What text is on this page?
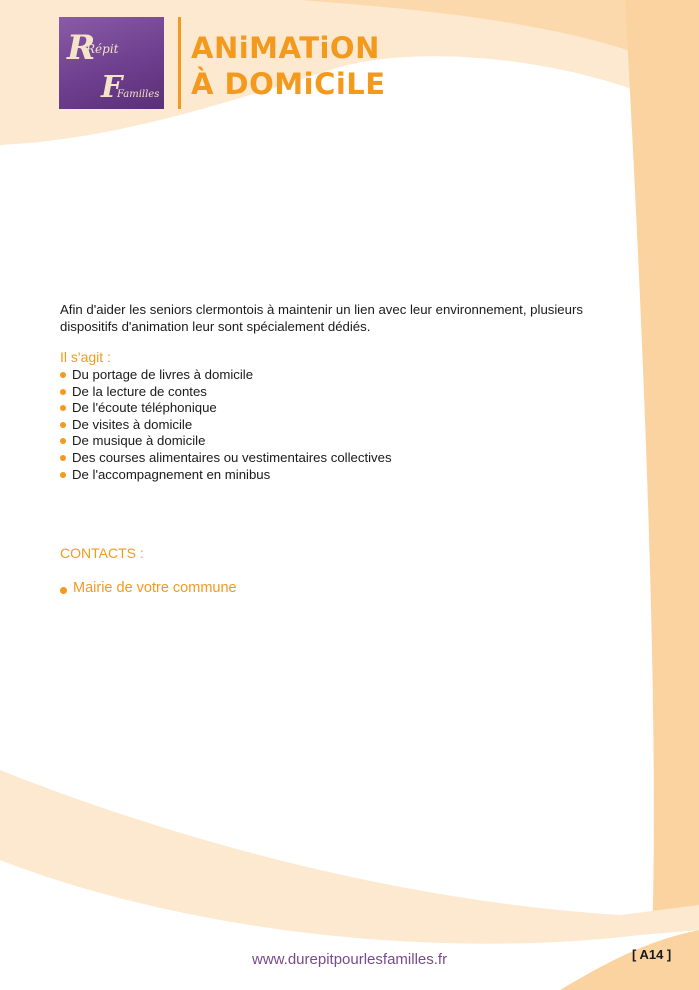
R
Répit
F
Familles
ANiMATiON
À DOMiCiLE

Afin d'aider les seniors clermontois à maintenir un lien avec leur environnement, plusieurs dispositifs d'animation leur sont spécialement dédiés.

Il s'agit :

Du portage de livres à domicile
De la lecture de contes
De l'écoute téléphonique
De visites à domicile
De musique à domicile
Des courses alimentaires ou vestimentaires collectives
De l'accompagnement en minibus

CONTACTS :

Mairie de votre commune

www.durepitpourlesfamilles.fr	[ A14 ]
